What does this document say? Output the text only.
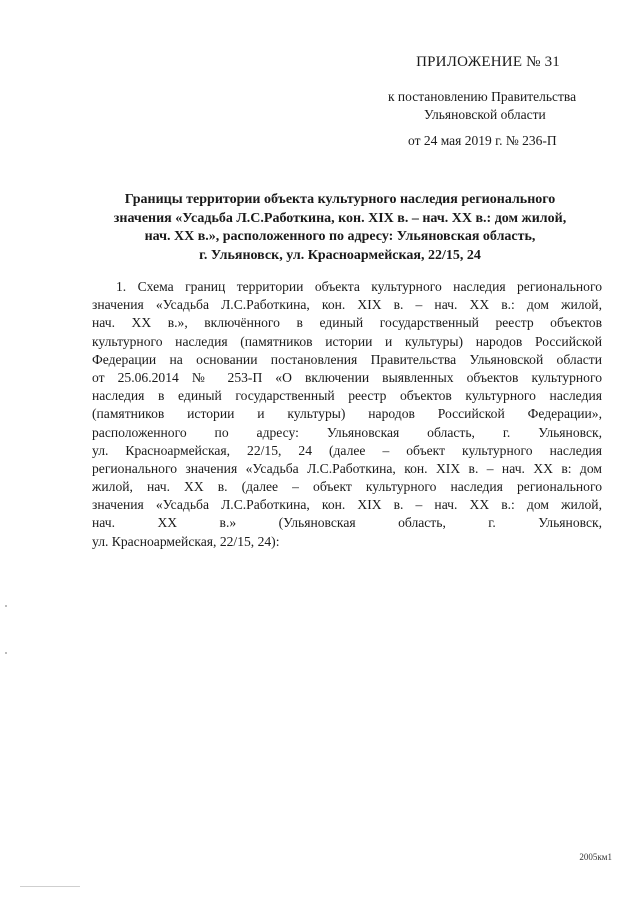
ПРИЛОЖЕНИЕ № 31
к постановлению Правительства
Ульяновской области
от 24 мая 2019 г. № 236-П
Границы территории объекта культурного наследия регионального
значения «Усадьба Л.С.Работкина, кон. XIX в. – нач. XX в.: дом жилой,
нач. XX в.», расположенного по адресу: Ульяновская область,
г. Ульяновск, ул. Красноармейская, 22/15, 24
1. Схема границ территории объекта культурного наследия регионального
значения «Усадьба Л.С.Работкина, кон. XIX в. – нач. XX в.: дом жилой,
нач. XX в.», включённого в единый государственный реестр объектов
культурного наследия (памятников истории и культуры) народов Российской
Федерации на основании постановления Правительства Ульяновской области
от 25.06.2014 № 253-П «О включении выявленных объектов культурного
наследия в единый государственный реестр объектов культурного наследия
(памятников истории и культуры) народов Российской Федерации»,
расположенного по адресу: Ульяновская область, г. Ульяновск,
ул. Красноармейская, 22/15, 24 (далее – объект культурного наследия
регионального значения «Усадьба Л.С.Работкина, кон. XIX в. – нач. XX в: дом
жилой, нач. XX в. (далее – объект культурного наследия регионального
значения «Усадьба Л.С.Работкина, кон. XIX в. – нач. XX в.: дом жилой,
нач. XX в.» (Ульяновская область, г. Ульяновск,
ул. Красноармейская, 22/15, 24):
2005км1
